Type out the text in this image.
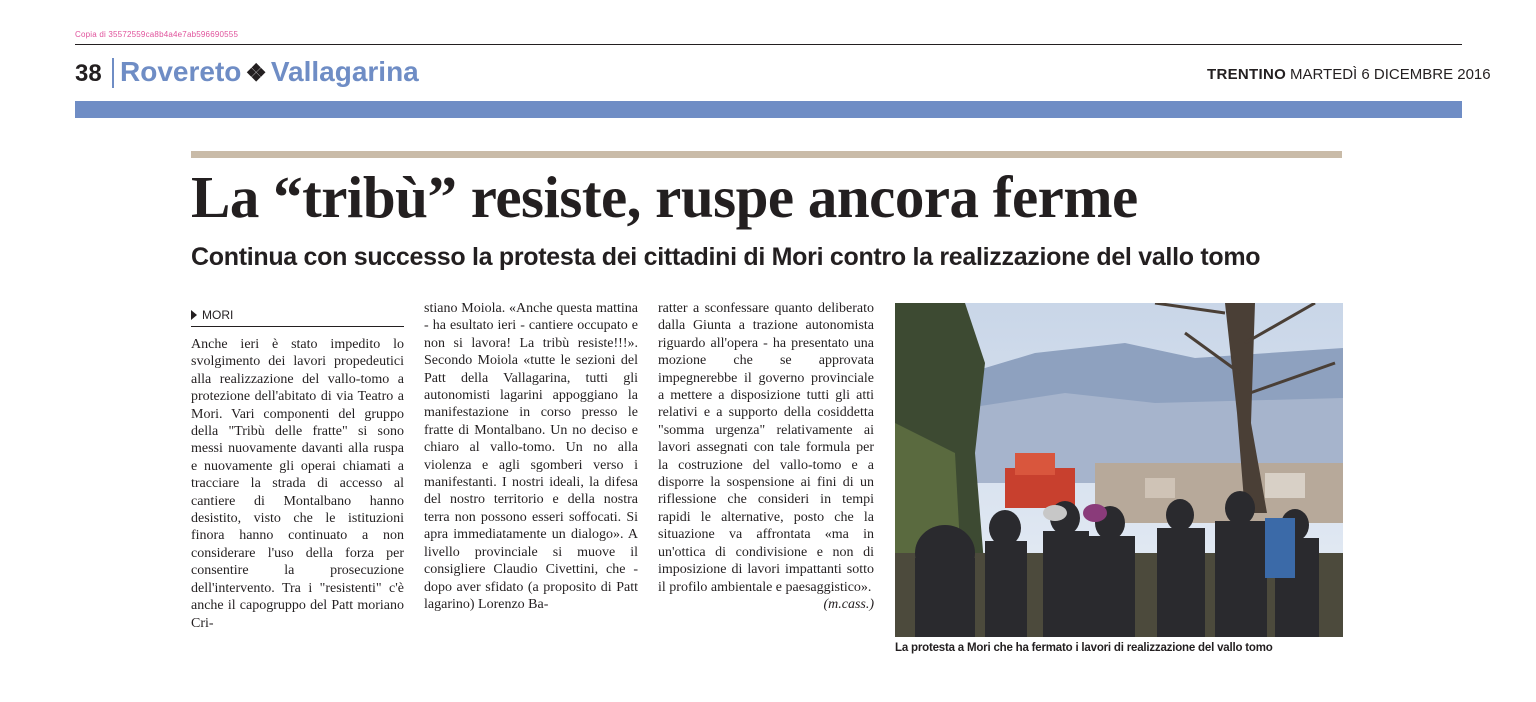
Copia di 35572559ca8b4a4e7ab596690555
38 Rovereto ❖ Vallagarina	TRENTINO MARTEDÌ 6 DICEMBRE 2016
La “tribù” resiste, ruspe ancora ferme
Continua con successo la protesta dei cittadini di Mori contro la realizzazione del vallo tomo
MORI
Anche ieri è stato impedito lo svolgimento dei lavori propedeutici alla realizzazione del vallo-tomo a protezione dell'abitato di via Teatro a Mori. Vari componenti del gruppo della "Tribù delle fratte" si sono messi nuovamente davanti alla ruspa e nuovamente gli operai chiamati a tracciare la strada di accesso al cantiere di Montalbano hanno desistito, visto che le istituzioni finora hanno continuato a non considerare l'uso della forza per consentire la prosecuzione dell'intervento. Tra i "resistenti" c'è anche il capogruppo del Patt moriano Cri-
stiano Moiola. «Anche questa mattina - ha esultato ieri - cantiere occupato e non si lavora! La tribù resiste!!!». Secondo Moiola «tutte le sezioni del Patt della Vallagarina, tutti gli autonomisti lagarini appoggiano la manifestazione in corso presso le fratte di Montalbano. Un no deciso e chiaro al vallo-tomo. Un no alla violenza e agli sgomberi verso i manifestanti. I nostri ideali, la difesa del nostro territorio e della nostra terra non possono esseri soffocati. Si apra immediatamente un dialogo». A livello provinciale si muove il consigliere Claudio Civettini, che - dopo aver sfidato (a proposito di Patt lagarino) Lorenzo Ba-
ratter a sconfessare quanto deliberato dalla Giunta a trazione autonomista riguardo all'opera - ha presentato una mozione che se approvata impegnerebbe il governo provinciale a mettere a disposizione tutti gli atti relativi e a supporto della cosiddetta "somma urgenza" relativamente ai lavori assegnati con tale formula per la costruzione del vallo-tomo e a disporre la sospensione ai fini di un riflessione che consideri in tempi rapidi le alternative, posto che la situazione va affrontata «ma in un'ottica di condivisione e non di imposizione di lavori impattanti sotto il profilo ambientale e paesaggistico».
(m.cass.)
La protesta a Mori che ha fermato i lavori di realizzazione del vallo tomo
